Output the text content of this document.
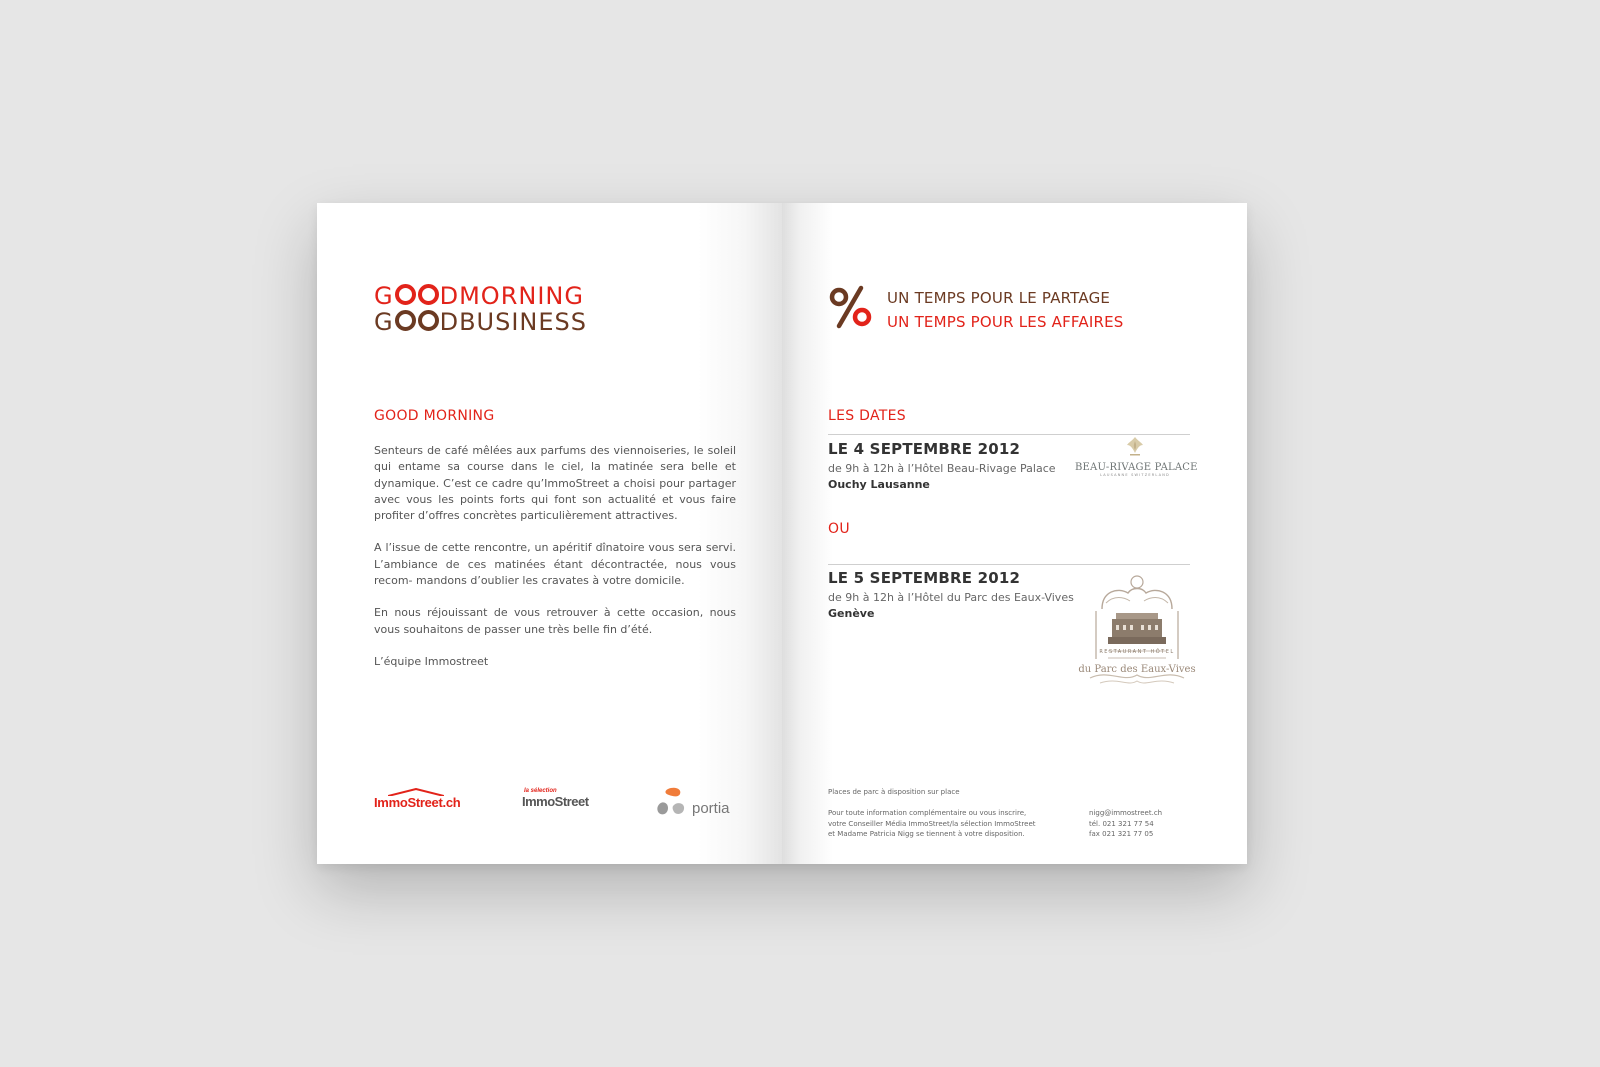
G DMORNING
G DBUSINESS
GOOD MORNING

Senteurs de café mêlées aux parfums des viennoiseries, le soleil qui entame sa course dans le ciel, la matinée sera belle et dynamique. C’est ce cadre qu’ImmoStreet a choisi pour partager avec vous les points forts qui font son actualité et vous faire profiter d’offres concrètes particulièrement attractives.

A l’issue de cette rencontre, un apéritif dînatoire vous sera servi. L’ambiance de ces matinées étant décontractée, nous vous recom- mandons d’oublier les cravates à votre domicile.

En nous réjouissant de vous retrouver à cette occasion, nous vous souhaitons de passer une très belle fin d’été.

L’équipe Immostreet

ImmoStreet.ch
la sélection
ImmoStreet	portia
UN TEMPS POUR LE PARTAGE
UN TEMPS POUR LES AFFAIRES
LES DATES
LE 4 SEPTEMBRE 2012
de 9h à 12h à l’Hôtel Beau-Rivage Palace
Ouchy Lausanne
BEAU-RIVAGE PALACE
LAUSANNE SWITZERLAND
OU
LE 5 SEPTEMBRE 2012
de 9h à 12h à l’Hôtel du Parc des Eaux-Vives
Genève
RESTAURANT HÔTEL
du Parc des Eaux-Vives
Places de parc à disposition sur place
Pour toute information complémentaire ou vous inscrire,
votre Conseiller Média ImmoStreet/la sélection ImmoStreet
et Madame Patricia Nigg se tiennent à votre disposition.
nigg@immostreet.ch
tél. 021 321 77 54
fax 021 321 77 05
